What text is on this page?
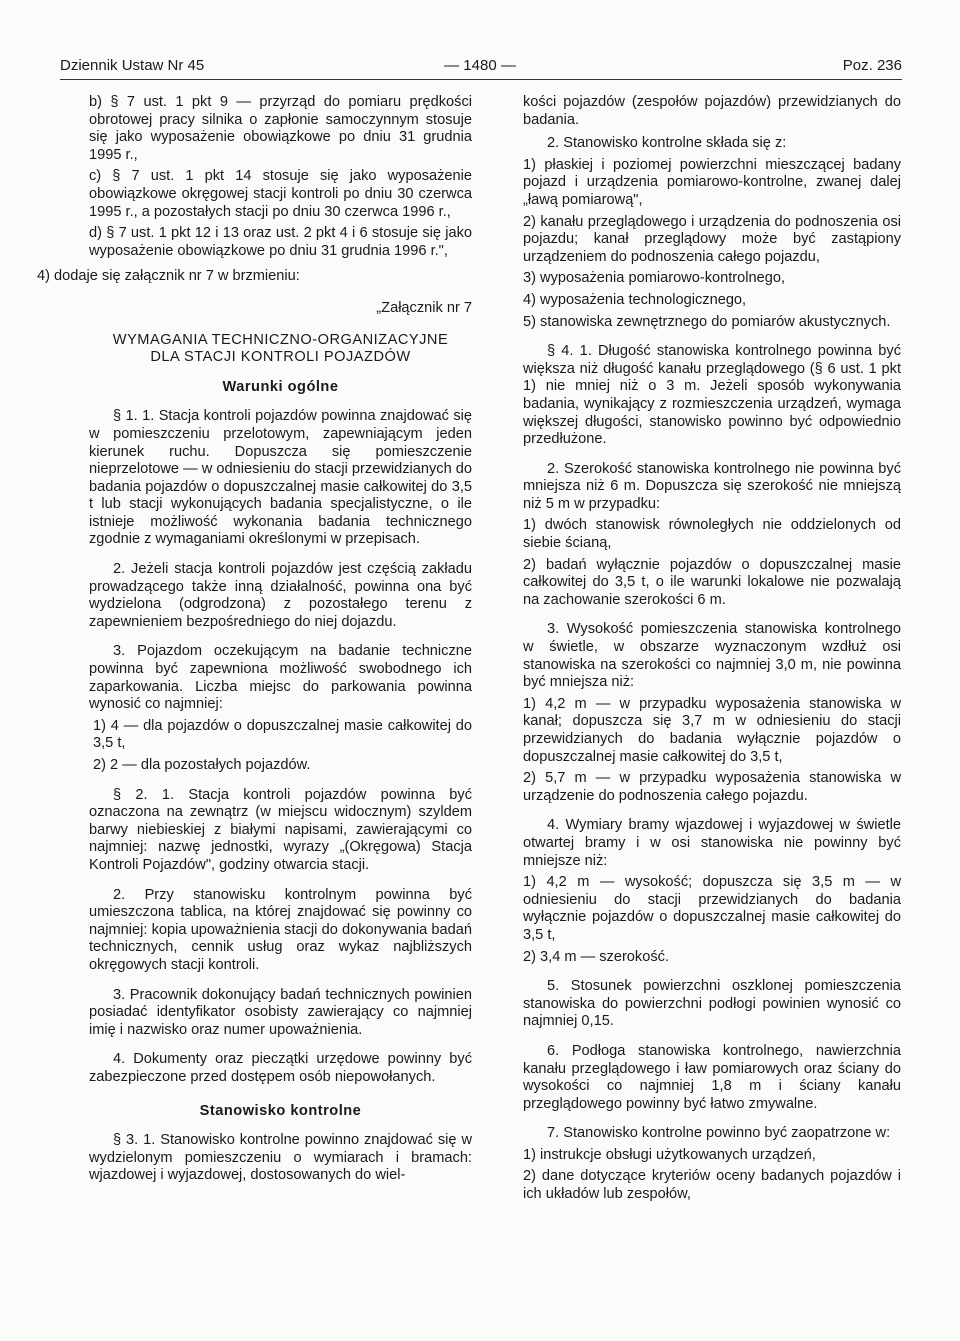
Dziennik Ustaw Nr 45	— 1480 —	Poz. 236

b) § 7 ust. 1 pkt 9 — przyrząd do pomiaru prędkości obrotowej pracy silnika o zapłonie samoczynnym stosuje się jako wyposażenie obowiązkowe po dniu 31 grudnia 1995 r.,

c) § 7 ust. 1 pkt 14 stosuje się jako wyposażenie obowiązkowe okręgowej stacji kontroli po dniu 30 czerwca 1995 r., a pozostałych stacji po dniu 30 czerwca 1996 r.,

d) § 7 ust. 1 pkt 12 i 13 oraz ust. 2 pkt 4 i 6 stosuje się jako wyposażenie obowiązkowe po dniu 31 grudnia 1996 r.",

4) dodaje się załącznik nr 7 w brzmieniu:

„Załącznik nr 7

WYMAGANIA TECHNICZNO-ORGANIZACYJNE

DLA STACJI KONTROLI POJAZDÓW

Warunki ogólne

§ 1. 1. Stacja kontroli pojazdów powinna znajdować się w pomieszczeniu przelotowym, zapewniającym jeden kierunek ruchu. Dopuszcza się pomieszczenie nieprzelotowe — w odniesieniu do stacji przewidzianych do badania pojazdów o dopuszczalnej masie całkowitej do 3,5 t lub stacji wykonujących badania specjalistyczne, o ile istnieje możliwość wykonania badania technicznego zgodnie z wymaganiami określonymi w przepisach.

2. Jeżeli stacja kontroli pojazdów jest częścią zakładu prowadzącego także inną działalność, powinna ona być wydzielona (odgrodzona) z pozostałego terenu z zapewnieniem bezpośredniego do niej dojazdu.

3. Pojazdom oczekującym na badanie techniczne powinna być zapewniona możliwość swobodnego ich zaparkowania. Liczba miejsc do parkowania powinna wynosić co najmniej:

1) 4 — dla pojazdów o dopuszczalnej masie całkowitej do 3,5 t,

2) 2 — dla pozostałych pojazdów.

§ 2. 1. Stacja kontroli pojazdów powinna być oznaczona na zewnątrz (w miejscu widocznym) szyldem barwy niebieskiej z białymi napisami, zawierającymi co najmniej: nazwę jednostki, wyrazy „(Okręgowa) Stacja Kontroli Pojazdów", godziny otwarcia stacji.

2. Przy stanowisku kontrolnym powinna być umieszczona tablica, na której znajdować się powinny co najmniej: kopia upoważnienia stacji do dokonywania badań technicznych, cennik usług oraz wykaz najbliższych okręgowych stacji kontroli.

3. Pracownik dokonujący badań technicznych powinien posiadać identyfikator osobisty zawierający co najmniej imię i nazwisko oraz numer upoważnienia.

4. Dokumenty oraz pieczątki urzędowe powinny być zabezpieczone przed dostępem osób niepowołanych.

Stanowisko kontrolne

§ 3. 1. Stanowisko kontrolne powinno znajdować się w wydzielonym pomieszczeniu o wymiarach i bramach: wjazdowej i wyjazdowej, dostosowanych do wiel-

kości pojazdów (zespołów pojazdów) przewidzianych do badania.

2. Stanowisko kontrolne składa się z:

1) płaskiej i poziomej powierzchni mieszczącej badany pojazd i urządzenia pomiarowo-kontrolne, zwanej dalej „ławą pomiarową",

2) kanału przeglądowego i urządzenia do podnoszenia osi pojazdu; kanał przeglądowy może być zastąpiony urządzeniem do podnoszenia całego pojazdu,

3) wyposażenia pomiarowo-kontrolnego,

4) wyposażenia technologicznego,

5) stanowiska zewnętrznego do pomiarów akustycznych.

§ 4. 1. Długość stanowiska kontrolnego powinna być większa niż długość kanału przeglądowego (§ 6 ust. 1 pkt 1) nie mniej niż o 3 m. Jeżeli sposób wykonywania badania, wynikający z rozmieszczenia urządzeń, wymaga większej długości, stanowisko powinno być odpowiednio przedłużone.

2. Szerokość stanowiska kontrolnego nie powinna być mniejsza niż 6 m. Dopuszcza się szerokość nie mniejszą niż 5 m w przypadku:

1) dwóch stanowisk równoległych nie oddzielonych od siebie ścianą,

2) badań wyłącznie pojazdów o dopuszczalnej masie całkowitej do 3,5 t, o ile warunki lokalowe nie pozwalają na zachowanie szerokości 6 m.

3. Wysokość pomieszczenia stanowiska kontrolnego w świetle, w obszarze wyznaczonym wzdłuż osi stanowiska na szerokości co najmniej 3,0 m, nie powinna być mniejsza niż:

1) 4,2 m — w przypadku wyposażenia stanowiska w kanał; dopuszcza się 3,7 m w odniesieniu do stacji przewidzianych do badania wyłącznie pojazdów o dopuszczalnej masie całkowitej do 3,5 t,

2) 5,7 m — w przypadku wyposażenia stanowiska w urządzenie do podnoszenia całego pojazdu.

4. Wymiary bramy wjazdowej i wyjazdowej w świetle otwartej bramy i w osi stanowiska nie powinny być mniejsze niż:

1) 4,2 m — wysokość; dopuszcza się 3,5 m — w odniesieniu do stacji przewidzianych do badania wyłącznie pojazdów o dopuszczalnej masie całkowitej do 3,5 t,

2) 3,4 m — szerokość.

5. Stosunek powierzchni oszklonej pomieszczenia stanowiska do powierzchni podłogi powinien wynosić co najmniej 0,15.

6. Podłoga stanowiska kontrolnego, nawierzchnia kanału przeglądowego i ław pomiarowych oraz ściany do wysokości co najmniej 1,8 m i ściany kanału przeglądowego powinny być łatwo zmywalne.

7. Stanowisko kontrolne powinno być zaopatrzone w:

1) instrukcje obsługi użytkowanych urządzeń,

2) dane dotyczące kryteriów oceny badanych pojazdów i ich układów lub zespołów,
